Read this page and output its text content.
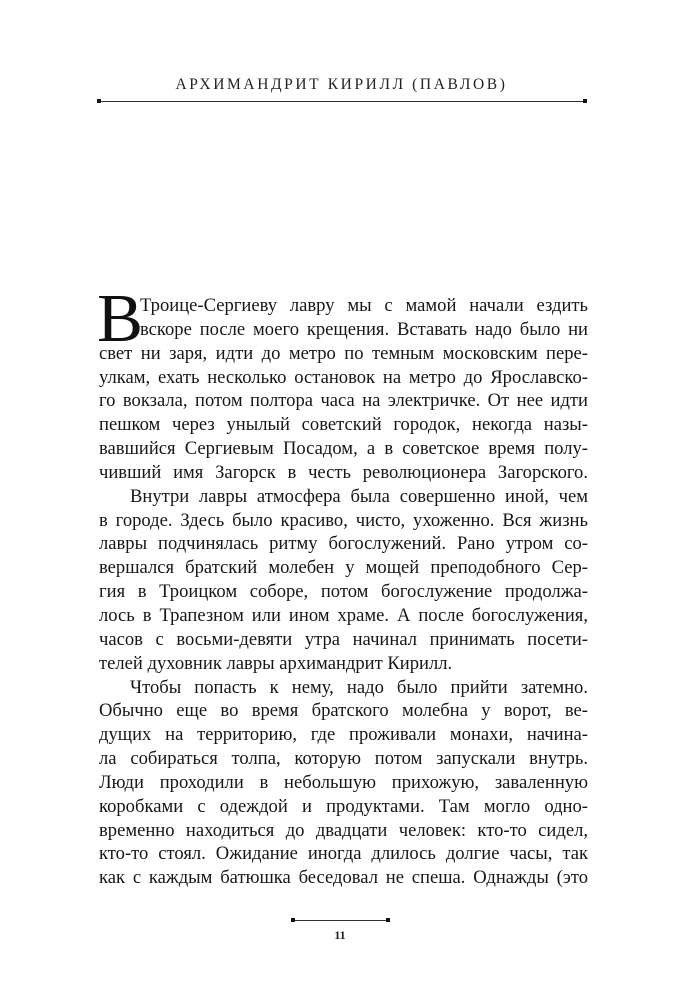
АРХИМАНДРИТ КИРИЛЛ (ПАВЛОВ)
В
Троице-Сергиеву лавру мы с мамой начали ездить
вскоре после моего крещения. Вставать надо было ни
свет ни заря, идти до метро по темным московским пере-
улкам, ехать несколько остановок на метро до Ярославско-
го вокзала, потом полтора часа на электричке. От нее идти
пешком через унылый советский городок, некогда назы-
вавшийся Сергиевым Посадом, а в советское время полу-
чивший имя Загорск в честь революционера Загорского.
Внутри лавры атмосфера была совершенно иной, чем
в городе. Здесь было красиво, чисто, ухоженно. Вся жизнь
лавры подчинялась ритму богослужений. Рано утром со-
вершался братский молебен у мощей преподобного Сер-
гия в Троицком соборе, потом богослужение продолжа-
лось в Трапезном или ином храме. А после богослужения,
часов с восьми-девяти утра начинал принимать посети-
телей духовник лавры архимандрит Кирилл.
Чтобы попасть к нему, надо было прийти затемно.
Обычно еще во время братского молебна у ворот, ве-
дущих на территорию, где проживали монахи, начина-
ла собираться толпа, которую потом запускали внутрь.
Люди проходили в небольшую прихожую, заваленную
коробками с одеждой и продуктами. Там могло одно-
временно находиться до двадцати человек: кто-то сидел,
кто-то стоял. Ожидание иногда длилось долгие часы, так
как с каждым батюшка беседовал не спеша. Однажды (это
11
